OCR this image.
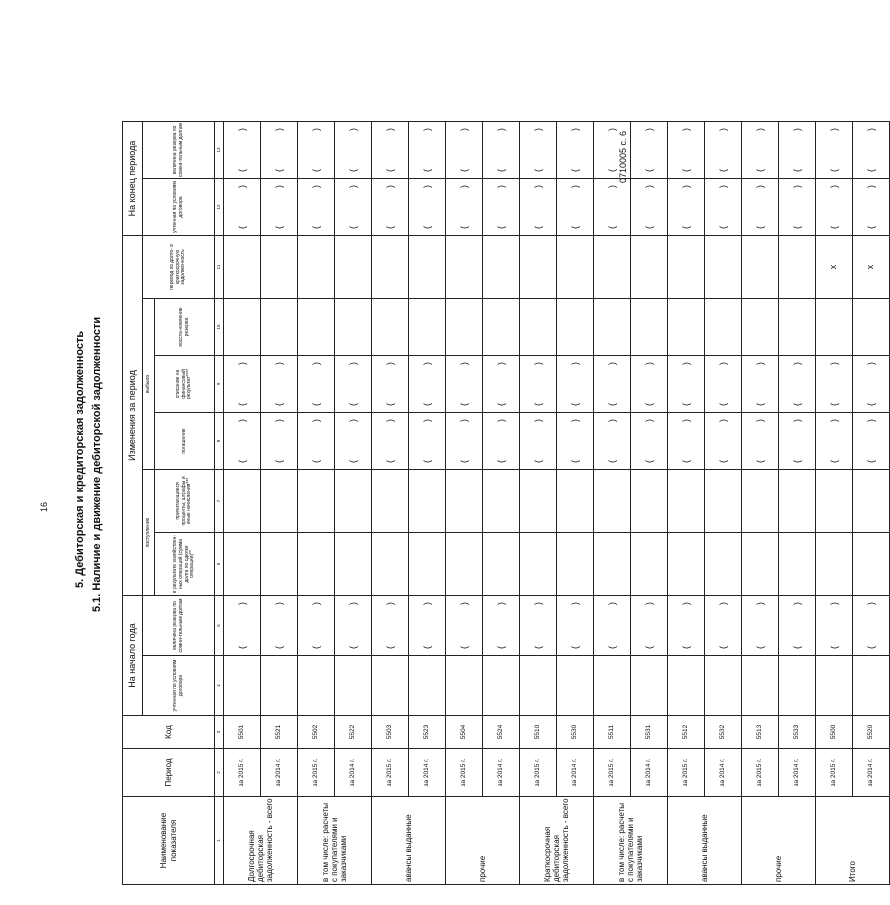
16
0710005 с. 6
5. Дебиторская и кредиторская задолженность 5.1. Наличие и движение дебиторской задолженности
Наименование показателя	Период	Код	На начало года		Изменения за период						На конец периода	
			учтенная по условиям договора	величина резерва по сомни-тельным долгам	поступление		выбыло			перевод из долго- в краткосрочную задолженность	учтенная по условиям договора	величина резерва по сомни-тельным долгам
					в результате хозяйствен-ных операций (сумма долга по сделке операции)**	причитающиеся проценты, штрафы и иные начисления***	погашение	списание на финансовый результат****	восста-новление резерва			

1	2	3	4	5	6	7	8	9	10	11	12	13
Долгосрочная дебиторская задолженность - всего	за 2015 г.	5501		(
)			(
)	(
)			(
)	(
)

	за 2014 г.	5521		(
)			(
)	(
)			(
)	(
)

в том числе: расчеты с покупателями и заказчиками	за 2015 г.	5502		(
)			(
)	(
)			(
)	(
)

	за 2014 г.	5522		(
)			(
)	(
)			(
)	(
)

авансы выданные	за 2015 г.	5503		(
)			(
)	(
)			(
)	(
)

	за 2014 г.	5523		(
)			(
)	(
)			(
)	(
)

прочие	за 2015 г.	5504		(
)			(
)	(
)			(
)	(
)

	за 2014 г.	5524		(
)			(
)	(
)			(
)	(
)

Краткосрочная дебиторская задолженность - всего	за 2015 г.	5510		(
)			(
)	(
)			(
)	(
)

	за 2014 г.	5530		(
)			(
)	(
)			(
)	(
)

в том числе: расчеты с покупателями и заказчиками	за 2015 г.	5511		(
)			(
)	(
)			(
)	(
)

	за 2014 г.	5531		(
)			(
)	(
)			(
)	(
)

авансы выданные	за 2015 г.	5512		(
)			(
)	(
)			(
)	(
)

	за 2014 г.	5532		(
)			(
)	(
)			(
)	(
)

прочие	за 2015 г.	5513		(
)			(
)	(
)			(
)	(
)

	за 2014 г.	5533		(
)			(
)	(
)			(
)	(
)

Итого	за 2015 г.	5500		(
)			(
)	(
)		x	(
)	(
)

	за 2014 г.	5520		(
)			(
)	(
)		x	(
)	(
)
